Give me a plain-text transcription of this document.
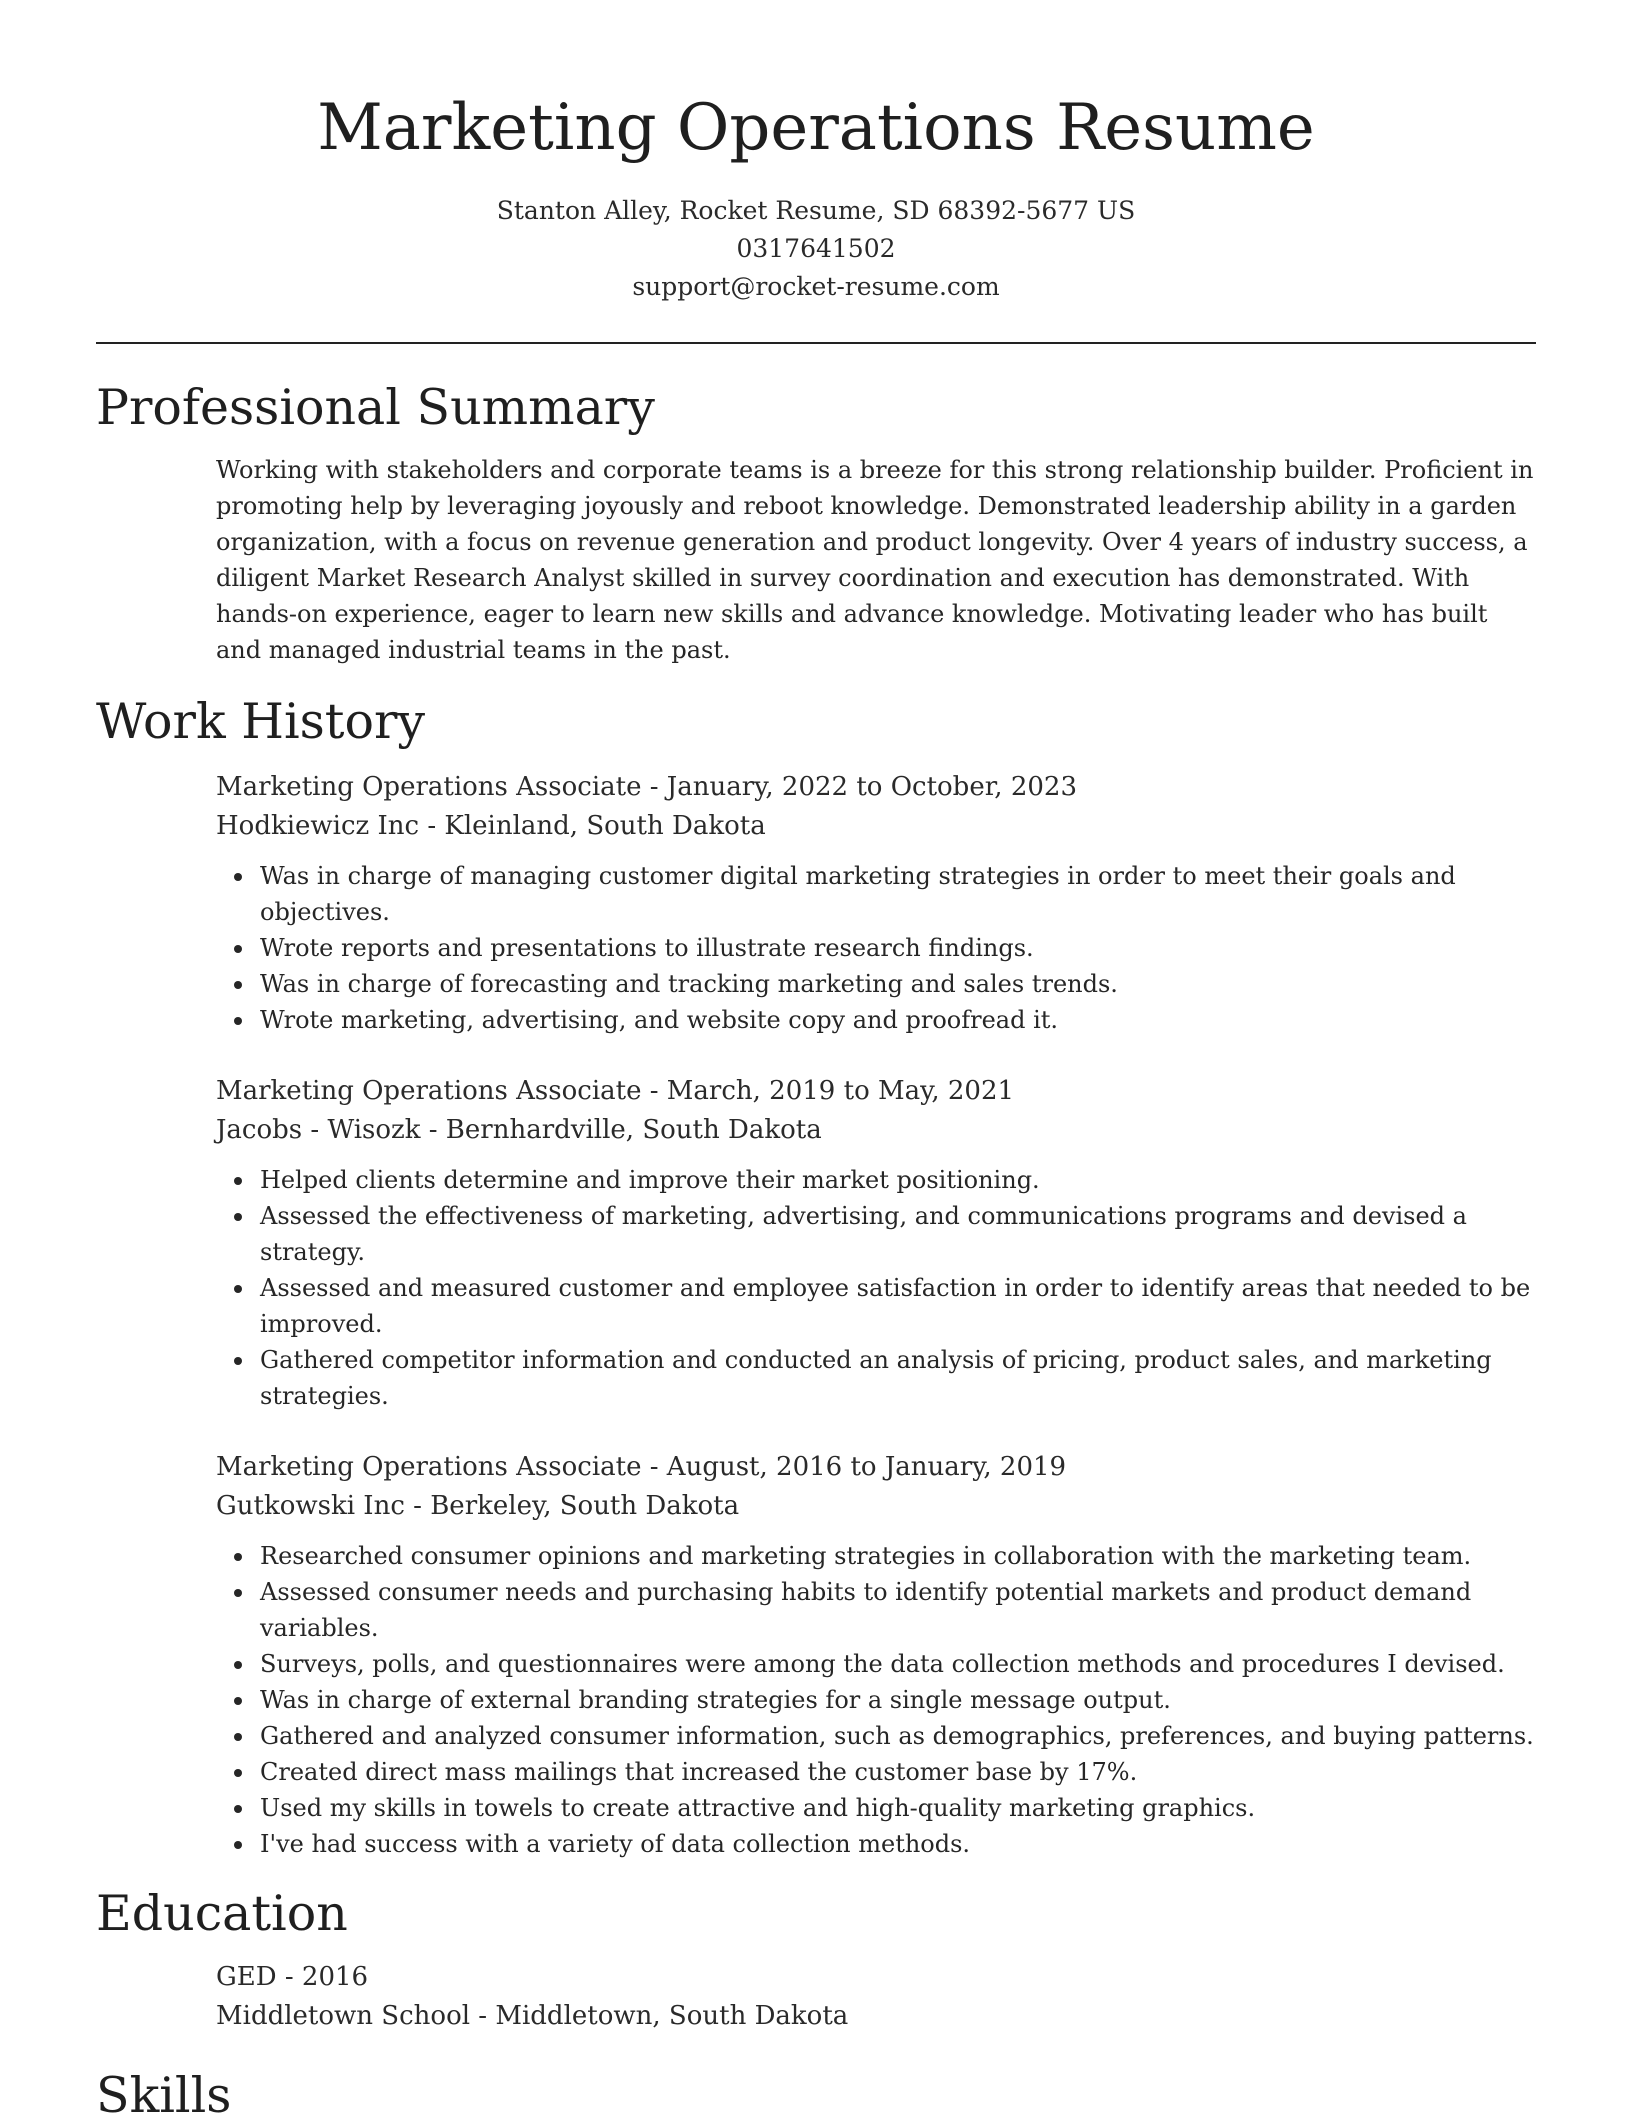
Marketing Operations Resume
Stanton Alley, Rocket Resume, SD 68392-5677 US
0317641502
support@rocket-resume.com
Professional Summary
Working with stakeholders and corporate teams is a breeze for this strong relationship builder. Proficient in promoting help by leveraging joyously and reboot knowledge. Demonstrated leadership ability in a garden organization, with a focus on revenue generation and product longevity. Over 4 years of industry success, a diligent Market Research Analyst skilled in survey coordination and execution has demonstrated. With hands-on experience, eager to learn new skills and advance knowledge. Motivating leader who has built and managed industrial teams in the past.
Work History
Marketing Operations Associate - January, 2022 to October, 2023
Hodkiewicz Inc - Kleinland, South Dakota
Was in charge of managing customer digital marketing strategies in order to meet their goals and objectives.
Wrote reports and presentations to illustrate research findings.
Was in charge of forecasting and tracking marketing and sales trends.
Wrote marketing, advertising, and website copy and proofread it.
Marketing Operations Associate - March, 2019 to May, 2021
Jacobs - Wisozk - Bernhardville, South Dakota
Helped clients determine and improve their market positioning.
Assessed the effectiveness of marketing, advertising, and communications programs and devised a strategy.
Assessed and measured customer and employee satisfaction in order to identify areas that needed to be improved.
Gathered competitor information and conducted an analysis of pricing, product sales, and marketing strategies.
Marketing Operations Associate - August, 2016 to January, 2019
Gutkowski Inc - Berkeley, South Dakota
Researched consumer opinions and marketing strategies in collaboration with the marketing team.
Assessed consumer needs and purchasing habits to identify potential markets and product demand variables.
Surveys, polls, and questionnaires were among the data collection methods and procedures I devised.
Was in charge of external branding strategies for a single message output.
Gathered and analyzed consumer information, such as demographics, preferences, and buying patterns.
Created direct mass mailings that increased the customer base by 17%.
Used my skills in towels to create attractive and high-quality marketing graphics.
I've had success with a variety of data collection methods.
Education
GED - 2016
Middletown School - Middletown, South Dakota
Skills
